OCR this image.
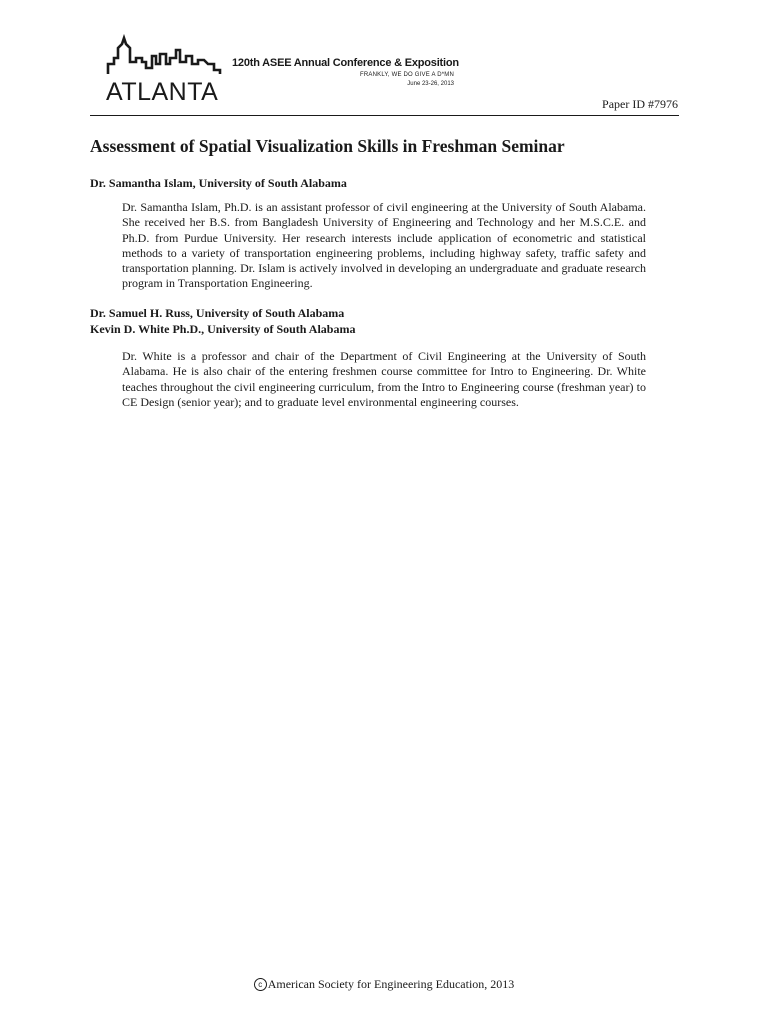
ATLANTA
120th ASEE Annual Conference & Exposition
FRANKLY, WE DO GIVE A D*MN
June 23-26, 2013
Paper ID #7976
Assessment of Spatial Visualization Skills in Freshman Seminar
Dr. Samantha Islam, University of South Alabama

Dr. Samantha Islam, Ph.D. is an assistant professor of civil engineering at the University of South Alabama. She received her B.S. from Bangladesh University of Engineering and Technology and her M.S.C.E. and Ph.D. from Purdue University. Her research interests include application of econometric and statistical methods to a variety of transportation engineering problems, including highway safety, traffic safety and transportation planning. Dr. Islam is actively involved in developing an undergraduate and graduate research program in Transportation Engineering.

Dr. Samuel H. Russ, University of South Alabama
Kevin D. White Ph.D., University of South Alabama

Dr. White is a professor and chair of the Department of Civil Engineering at the University of South Alabama. He is also chair of the entering freshmen course committee for Intro to Engineering. Dr. White teaches throughout the civil engineering curriculum, from the Intro to Engineering course (freshman year) to CE Design (senior year); and to graduate level environmental engineering courses.

c American Society for Engineering Education, 2013
